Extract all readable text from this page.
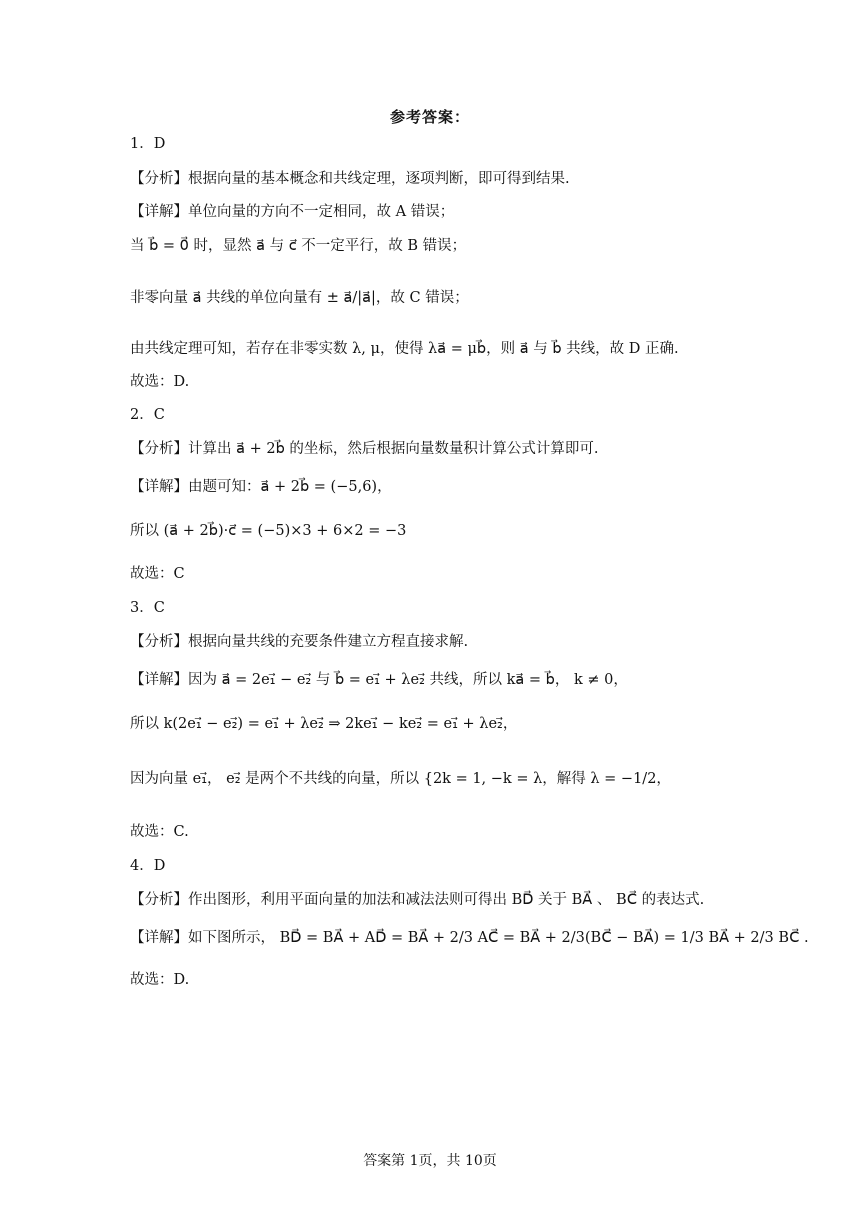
参考答案：
1．D
【分析】根据向量的基本概念和共线定理，逐项判断，即可得到结果.
【详解】单位向量的方向不一定相同，故 A 错误；
当 b⃗ = 0⃗ 时，显然 a⃗ 与 c⃗ 不一定平行，故 B 错误；
非零向量 a⃗ 共线的单位向量有 ± a⃗/|a⃗|，故 C 错误；
由共线定理可知，若存在非零实数 λ, μ，使得 λa⃗ = μb⃗，则 a⃗ 与 b⃗ 共线，故 D 正确.
故选：D.
2．C
【分析】计算出 a⃗ + 2b⃗ 的坐标，然后根据向量数量积计算公式计算即可.
【详解】由题可知：a⃗ + 2b⃗ = (−5,6)，
所以 (a⃗ + 2b⃗)·c⃗ = (−5)×3 + 6×2 = −3
故选：C
3．C
【分析】根据向量共线的充要条件建立方程直接求解.
【详解】因为 a⃗ = 2e₁⃗ − e₂⃗ 与 b⃗ = e₁⃗ + λe₂⃗ 共线，所以 ka⃗ = b⃗， k ≠ 0，
所以 k(2e₁⃗ − e₂⃗) = e₁⃗ + λe₂⃗ ⇒ 2ke₁⃗ − ke₂⃗ = e₁⃗ + λe₂⃗，
因为向量 e₁⃗， e₂⃗ 是两个不共线的向量，所以 {2k = 1, −k = λ，解得 λ = −1/2，
故选：C.
4．D
【分析】作出图形，利用平面向量的加法和减法法则可得出 BD⃗ 关于 BA⃗ 、 BC⃗ 的表达式.
【详解】如下图所示， BD⃗ = BA⃗ + AD⃗ = BA⃗ + 2/3 AC⃗ = BA⃗ + 2/3(BC⃗ − BA⃗) = 1/3 BA⃗ + 2/3 BC⃗ .
故选：D.
答案第 1页，共 10页
